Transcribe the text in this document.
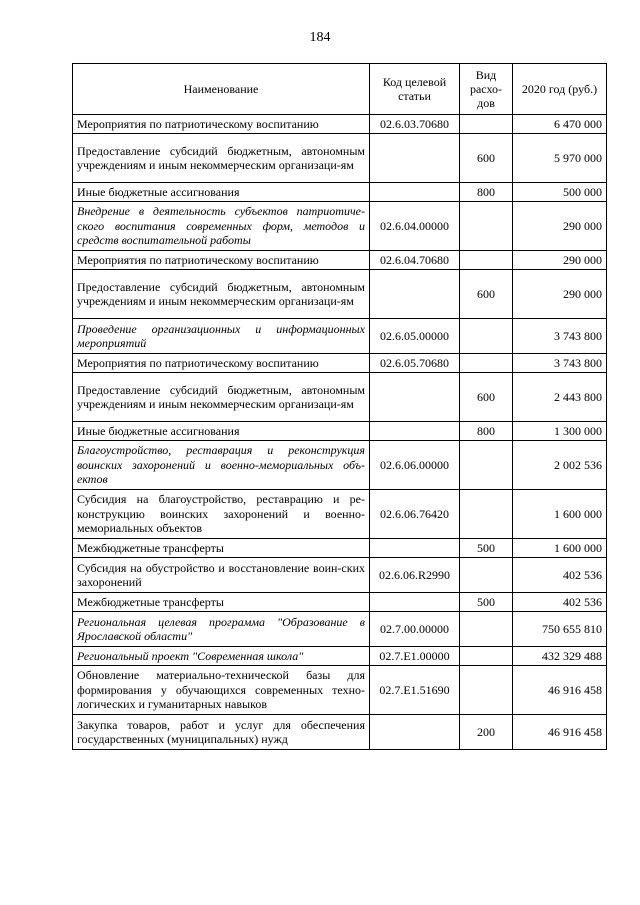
184
Наименование	Код целевой статьи	Вид расхо-дов	2020 год (руб.)
Мероприятия по патриотическому воспитанию	02.6.03.70680		6 470 000
Предоставление субсидий бюджетным, автономным учреждениям и иным некоммерческим организаци-ям		600	5 970 000
Иные бюджетные ассигнования		800	500 000
Внедрение в деятельность субъектов патриотиче-ского воспитания современных форм, методов и средств воспитательной работы	02.6.04.00000		290 000
Мероприятия по патриотическому воспитанию	02.6.04.70680		290 000
Предоставление субсидий бюджетным, автономным учреждениям и иным некоммерческим организаци-ям		600	290 000
Проведение организационных и информационных мероприятий	02.6.05.00000		3 743 800
Мероприятия по патриотическому воспитанию	02.6.05.70680		3 743 800
Предоставление субсидий бюджетным, автономным учреждениям и иным некоммерческим организаци-ям		600	2 443 800
Иные бюджетные ассигнования		800	1 300 000
Благоустройство, реставрация и реконструкция воинских захоронений и военно-мемориальных объ-ектов	02.6.06.00000		2 002 536
Субсидия на благоустройство, реставрацию и ре-конструкцию воинских захоронений и военно-мемориальных объектов	02.6.06.76420		1 600 000
Межбюджетные трансферты		500	1 600 000
Субсидия на обустройство и восстановление воин-ских захоронений	02.6.06.R2990		402 536
Межбюджетные трансферты		500	402 536
Региональная целевая программа "Образование в Ярославской области"	02.7.00.00000		750 655 810
Региональный проект "Современная школа"	02.7.E1.00000		432 329 488
Обновление материально-технической базы для формирования у обучающихся современных техно-логических и гуманитарных навыков	02.7.E1.51690		46 916 458
Закупка товаров, работ и услуг для обеспечения государственных (муниципальных) нужд		200	46 916 458
